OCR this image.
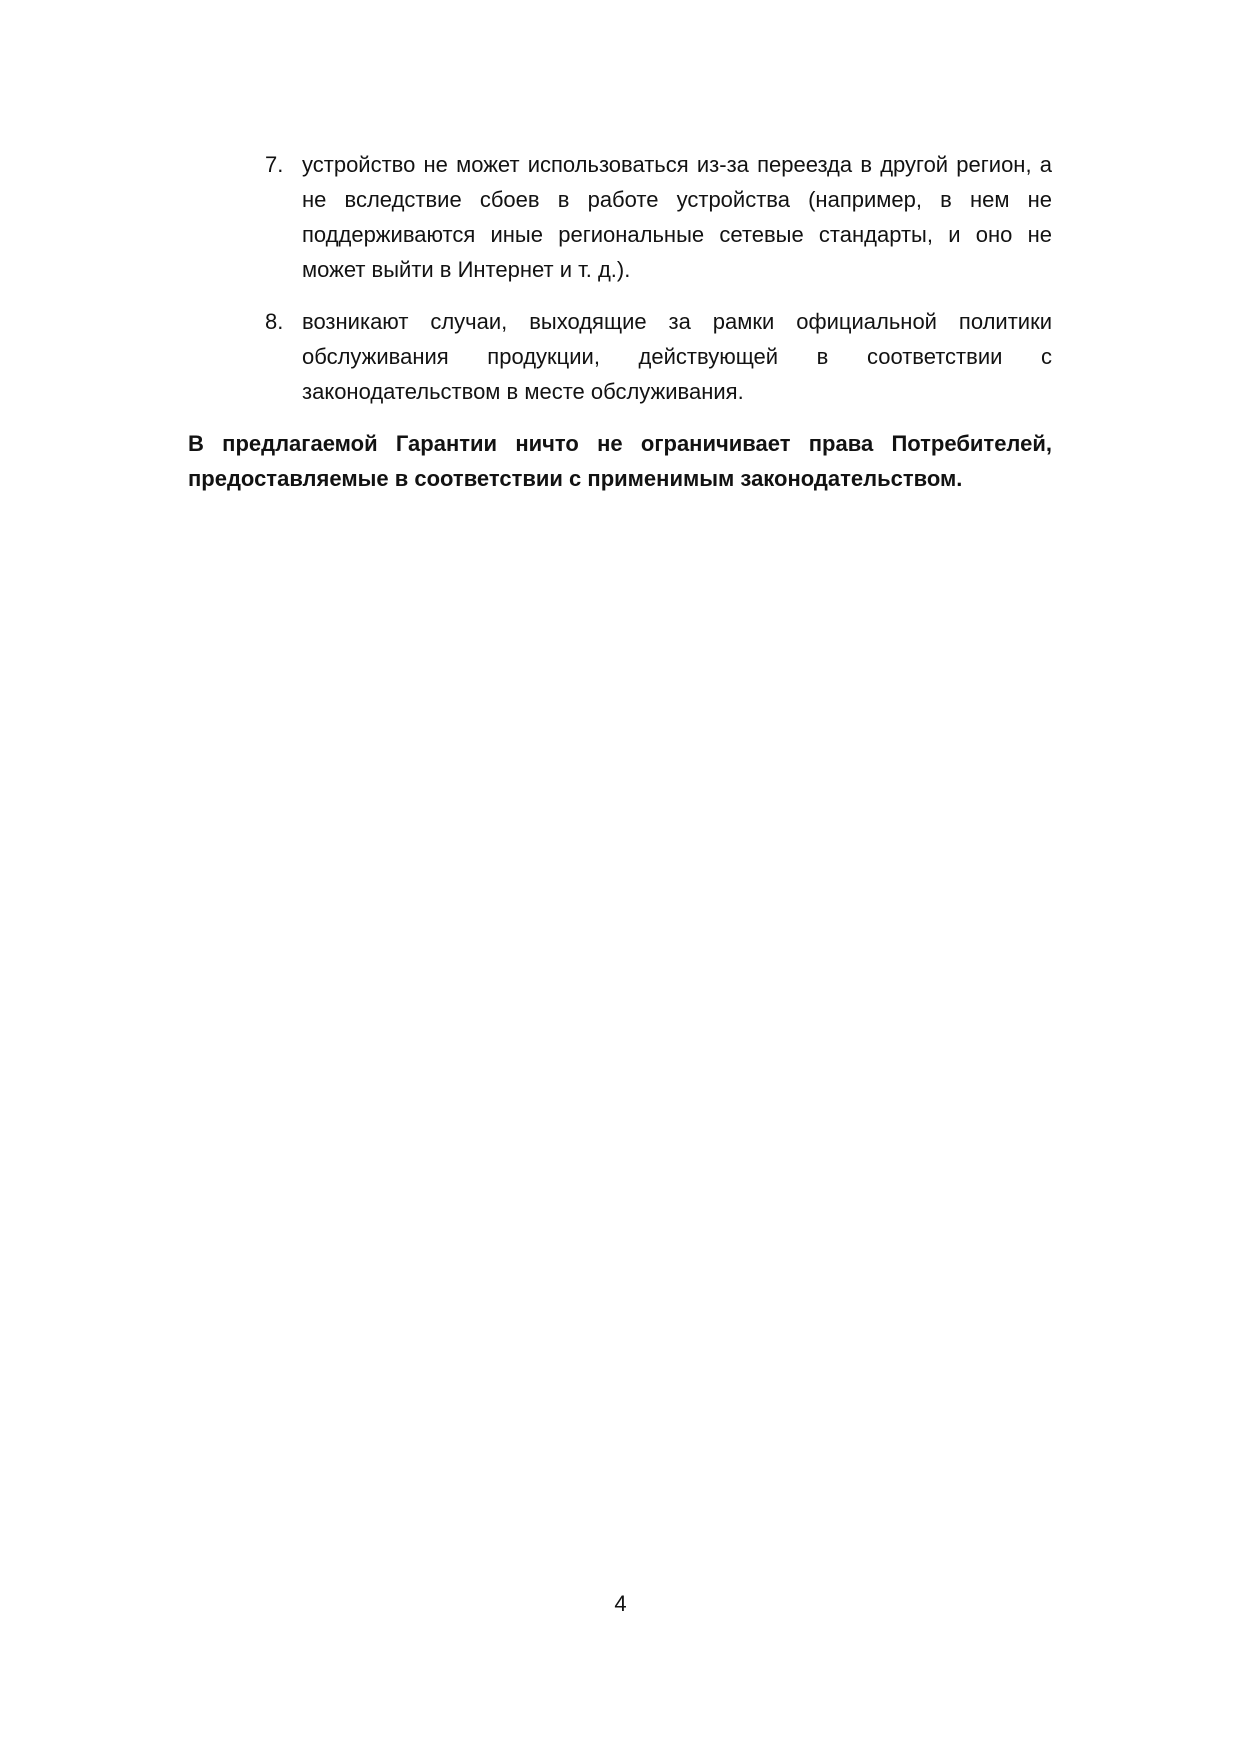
7. устройство не может использоваться из-за переезда в другой регион, а
не вследствие сбоев в работе устройства (например, в нем не
поддерживаются иные региональные сетевые стандарты, и оно не
может выйти в Интернет и т. д.).
8. возникают случаи, выходящие за рамки официальной политики
обслуживания продукции, действующей в соответствии с
законодательством в месте обслуживания.
В предлагаемой Гарантии ничто не ограничивает права Потребителей,
предоставляемые в соответствии с применимым законодательством.
4
